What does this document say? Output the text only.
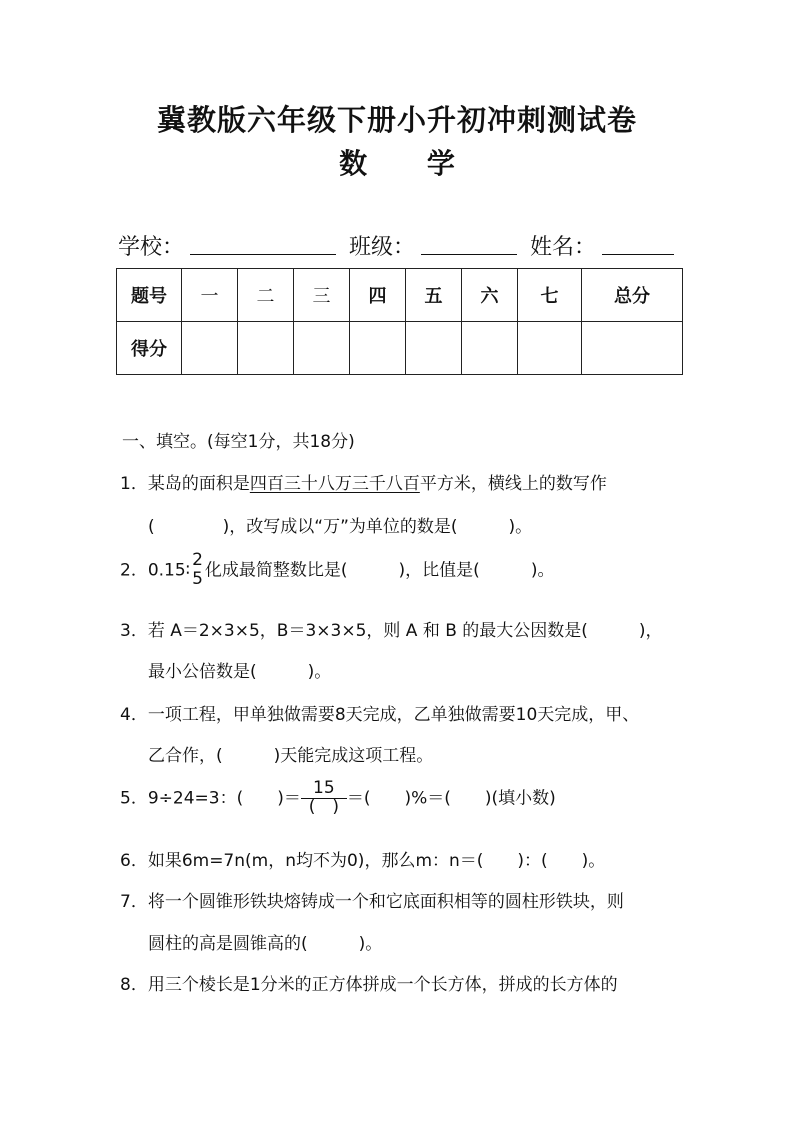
冀教版六年级下册小升初冲刺测试卷
数 学
学校：	班级：	姓名：
题号	一	二	三	四	五	六	七	总分
得分								
一、填空。(每空1分，共18分)
1．某岛的面积是四百三十八万三千八百平方米，横线上的数写作
(　　　　)，改写成以“万”为单位的数是(　　　)。
2．0.15∶ $\frac{2}{5}$ 化成最简整数比是(　　　)，比值是(　　　)。
3．若 A＝2×3×5，B＝3×3×5，则 A 和 B 的最大公因数是(　　　)，
最小公倍数是(　　　)。
4．一项工程，甲单独做需要8天完成，乙单独做需要10天完成，甲、
乙合作，(　　　)天能完成这项工程。
5．9÷24=3：(　　)＝ $\frac{15}{( )}$ ＝(　　)%＝(　　)(填小数)
6．如果6m=7n(m，n均不为0)，那么m：n＝(　　)：(　　)。
7．将一个圆锥形铁块熔铸成一个和它底面积相等的圆柱形铁块，则
圆柱的高是圆锥高的(　　　)。
8．用三个棱长是1分米的正方体拼成一个长方体，拼成的长方体的
